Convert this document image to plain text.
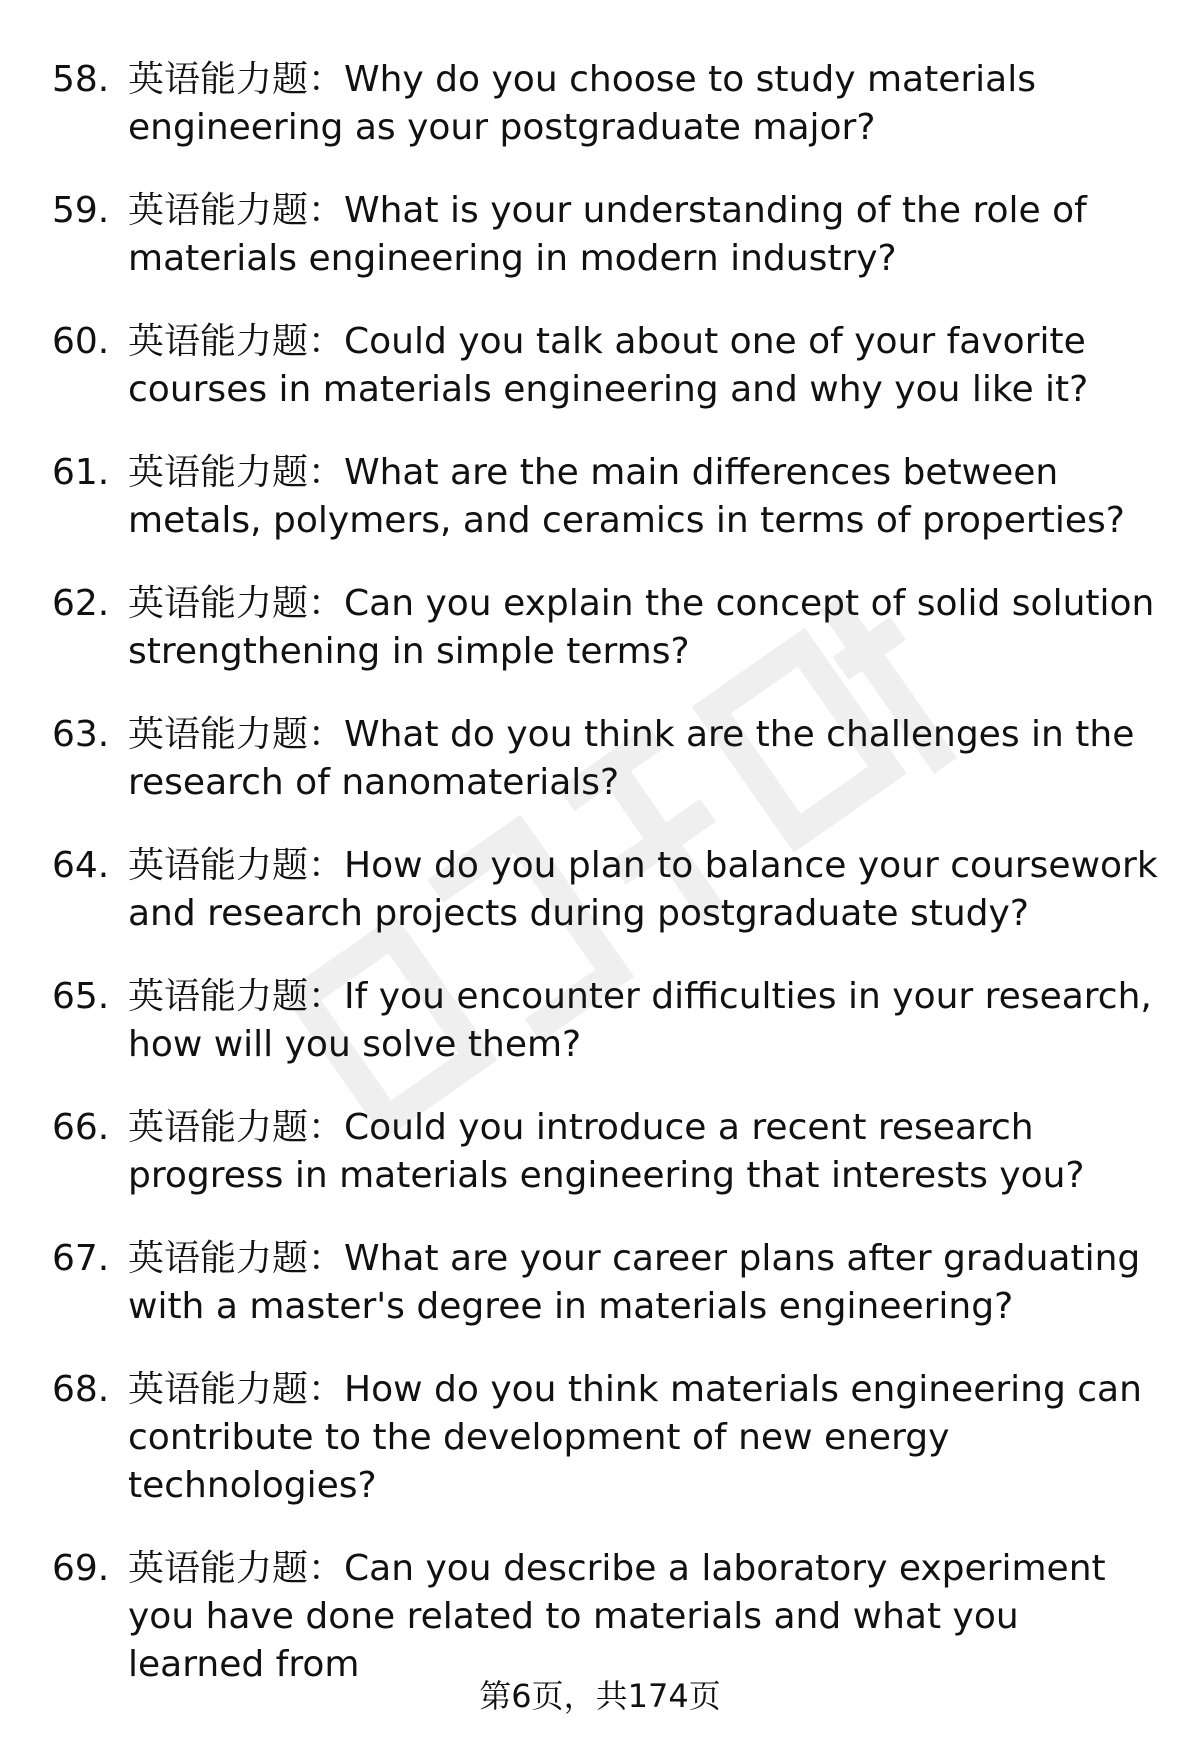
58. 英语能力题：Why do you choose to study materials engineering as your postgraduate major?
59. 英语能力题：What is your understanding of the role of materials engineering in modern industry?
60. 英语能力题：Could you talk about one of your favorite courses in materials engineering and why you like it?
61. 英语能力题：What are the main differences between metals, polymers, and ceramics in terms of properties?
62. 英语能力题：Can you explain the concept of solid solution strengthening in simple terms?
63. 英语能力题：What do you think are the challenges in the research of nanomaterials?
64. 英语能力题：How do you plan to balance your coursework and research projects during postgraduate study?
65. 英语能力题：If you encounter difficulties in your research, how will you solve them?
66. 英语能力题：Could you introduce a recent research progress in materials engineering that interests you?
67. 英语能力题：What are your career plans after graduating with a master's degree in materials engineering?
68. 英语能力题：How do you think materials engineering can contribute to the development of new energy technologies?
69. 英语能力题：Can you describe a laboratory experiment you have done related to materials and what you learned from
第6页，共174页
